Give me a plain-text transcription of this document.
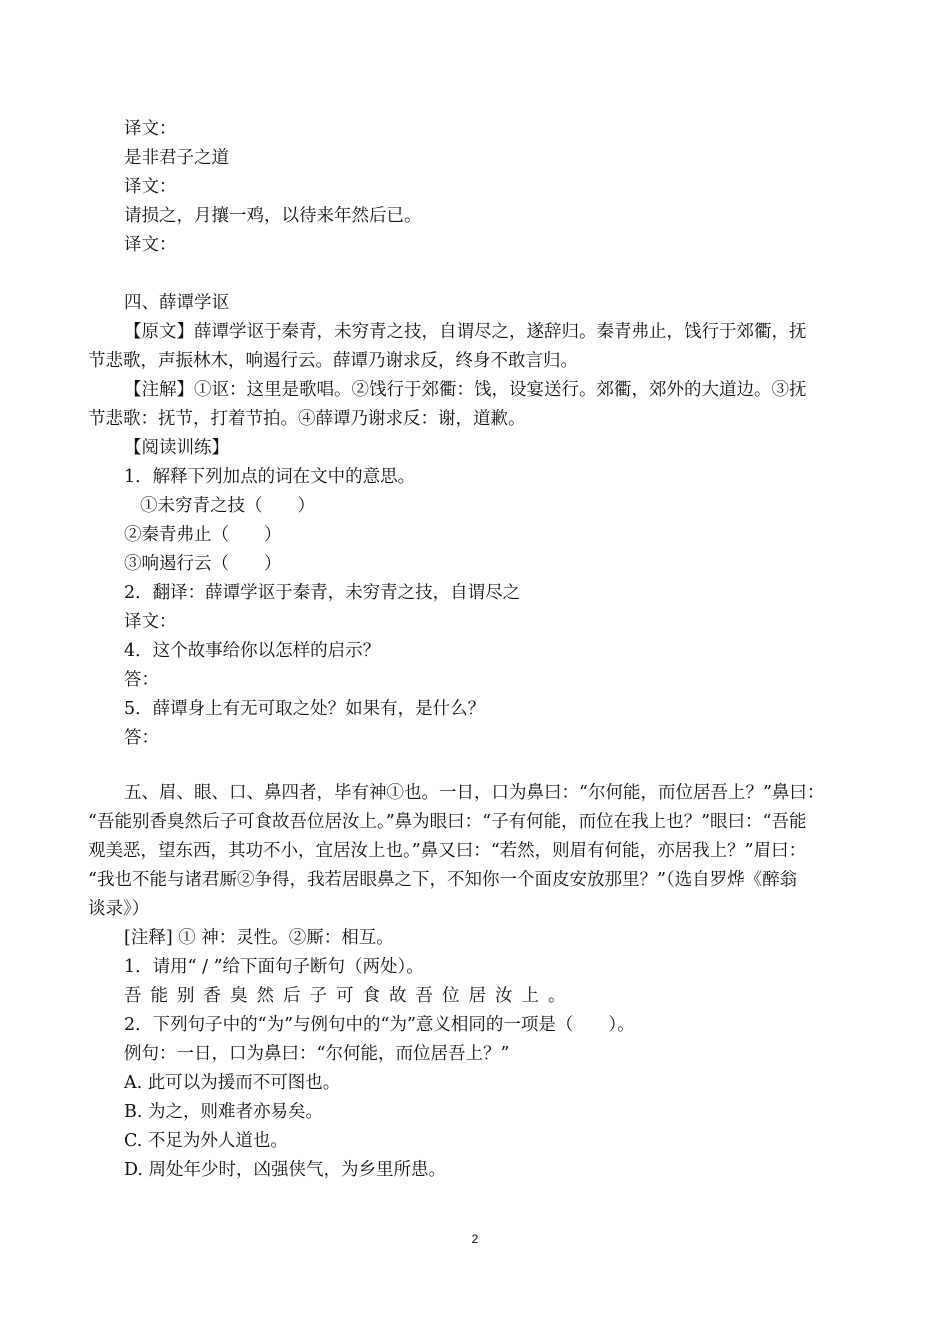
译文：
是非君子之道
译文：
请损之，月攘一鸡，以待来年然后已。
译文：
四、薛谭学讴
【原文】薛谭学讴于秦青，未穷青之技，自谓尽之，遂辞归。秦青弗止，饯行于郊衢，抚
节悲歌，声振林木，响遏行云。薛谭乃谢求反，终身不敢言归。
【注解】①讴：这里是歌唱。②饯行于郊衢：饯，设宴送行。郊衢，郊外的大道边。③抚
节悲歌：抚节，打着节拍。④薛谭乃谢求反：谢，道歉。
【阅读训练】
1．解释下列加点的词在文中的意思。
①未穷青之技（　　）
②秦青弗止（　　）
③响遏行云（　　）
2．翻译：薛谭学讴于秦青，未穷青之技，自谓尽之
译文：
4．这个故事给你以怎样的启示？
答：
5．薛谭身上有无可取之处？如果有，是什么？
答：
五、眉、眼、口、鼻四者，毕有神①也。一日，口为鼻曰：“尔何能，而位居吾上？”鼻曰：
“吾能别香臭然后子可食故吾位居汝上。”鼻为眼曰：“子有何能，而位在我上也？”眼曰：“吾能
观美恶，望东西，其功不小，宜居汝上也。”鼻又曰：“若然，则眉有何能，亦居我上？”眉曰：
“我也不能与诸君厮②争得，我若居眼鼻之下，不知你一个面皮安放那里？”（选自罗烨《醉翁
谈录》）
[注释] ① 神：灵性。②厮：相互。
1．请用“ / ”给下面句子断句（两处）。
吾能别香臭然后子可食故吾位居汝上。
2．下列句子中的“为”与例句中的“为”意义相同的一项是（　　）。
例句：一日，口为鼻曰：“尔何能，而位居吾上？”
A. 此可以为援而不可图也。
B. 为之，则难者亦易矣。
C. 不足为外人道也。
D. 周处年少时，凶强侠气，为乡里所患。
2
